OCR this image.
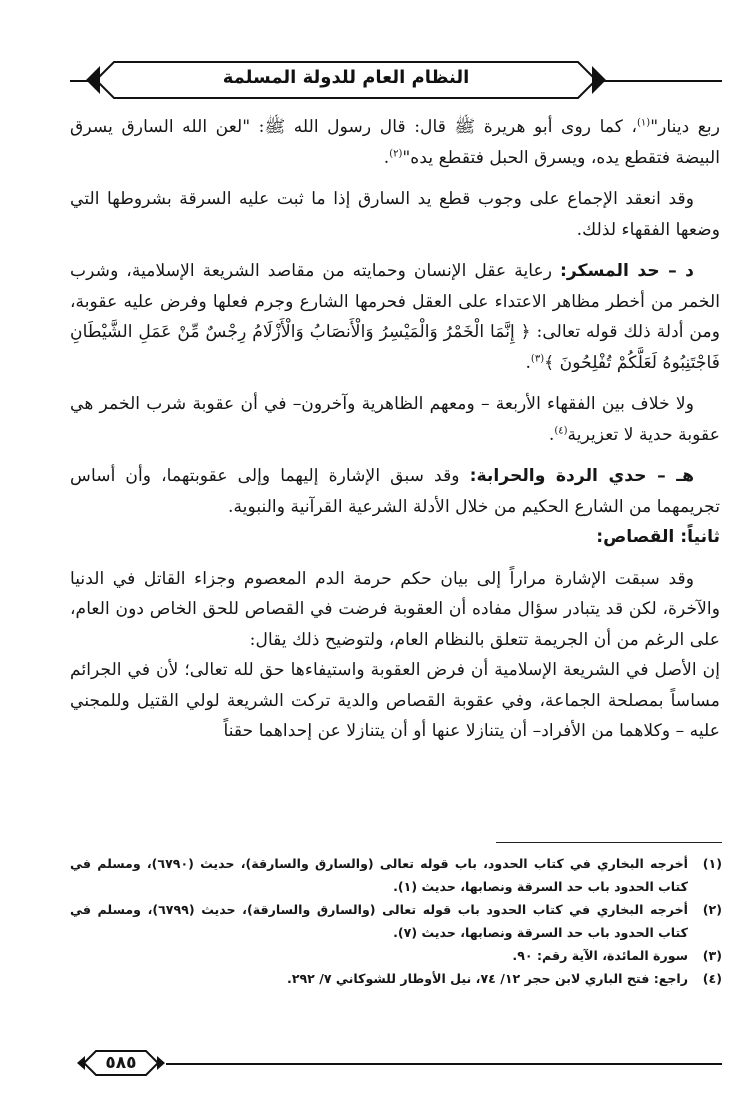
النظام العام للدولة المسلمة

ربع دينار"$^{(١)}$، كما روى أبو هريرة ﷺ قال: قال رسول الله ﷺ: "لعن الله السارق يسرق البيضة فتقطع يده، ويسرق الحبل فتقطع يده"$^{(٢)}$.

وقد انعقد الإجماع على وجوب قطع يد السارق إذا ما ثبت عليه السرقة بشروطها التي وضعها الفقهاء لذلك.

د – حد المسكر: رعاية عقل الإنسان وحمايته من مقاصد الشريعة الإسلامية، وشرب الخمر من أخطر مظاهر الاعتداء على العقل فحرمها الشارع وجرم فعلها وفرض عليه عقوبة، ومن أدلة ذلك قوله تعالى: ﴿ إِنَّمَا الْخَمْرُ وَالْمَيْسِرُ وَالْأَنصَابُ وَالْأَزْلَامُ رِجْسٌ مِّنْ عَمَلِ الشَّيْطَانِ فَاجْتَنِبُوهُ لَعَلَّكُمْ تُفْلِحُونَ ﴾$^{(٣)}$.

ولا خلاف بين الفقهاء الأربعة – ومعهم الظاهرية وآخرون– في أن عقوبة شرب الخمر هي عقوبة حدية لا تعزيرية$^{(٤)}$.

هـ – حدي الردة والحرابة: وقد سبق الإشارة إليهما وإلى عقوبتهما، وأن أساس تجريمهما من الشارع الحكيم من خلال الأدلة الشرعية القرآنية والنبوية.

ثانياً: القصاص:

وقد سبقت الإشارة مراراً إلى بيان حكم حرمة الدم المعصوم وجزاء القاتل في الدنيا والآخرة، لكن قد يتبادر سؤال مفاده أن العقوبة فرضت في القصاص للحق الخاص دون العام، على الرغم من أن الجريمة تتعلق بالنظام العام، ولتوضيح ذلك يقال:

إن الأصل في الشريعة الإسلامية أن فرض العقوبة واستيفاءها حق لله تعالى؛ لأن في الجرائم مساساً بمصلحة الجماعة، وفي عقوبة القصاص والدية تركت الشريعة لولي القتيل وللمجني عليه – وكلاهما من الأفراد– أن يتنازلا عنها أو أن يتنازلا عن إحداهما حقناً

(١)
أخرجه البخاري في كتاب الحدود، باب قوله تعالى (والسارق والسارقة)، حديث (٦٧٩٠)، ومسلم في كتاب الحدود باب حد السرقة ونصابها، حديث (١).
(٢)
أخرجه البخاري في كتاب الحدود باب قوله تعالى (والسارق والسارقة)، حديث (٦٧٩٩)، ومسلم في كتاب الحدود باب حد السرقة ونصابها، حديث (٧).
(٣)
سورة المائدة، الآية رقم: ٩٠.
(٤)
راجع: فتح الباري لابن حجر ١٢/ ٧٤، نيل الأوطار للشوكاني ٧/ ٢٩٢.
٥٨٥
